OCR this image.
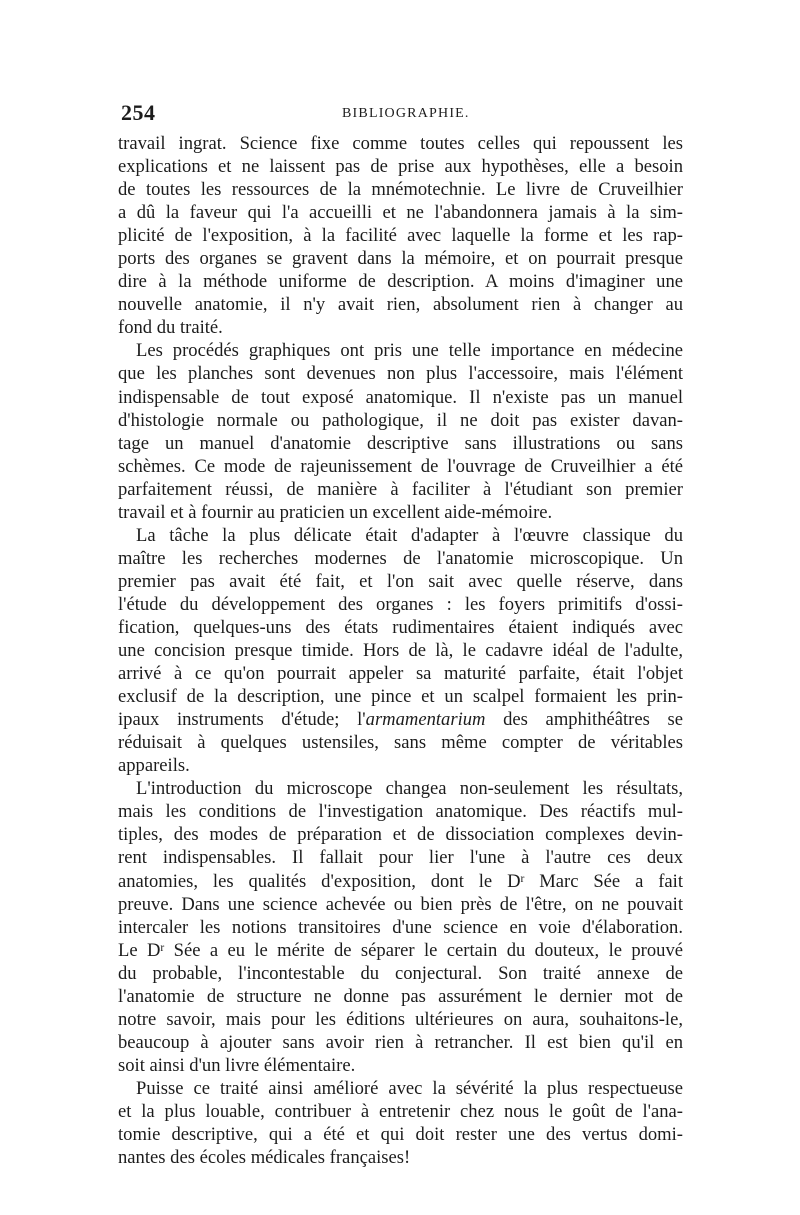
254	BIBLIOGRAPHIE.
travail ingrat. Science fixe comme toutes celles qui repoussent les
explications et ne laissent pas de prise aux hypothèses, elle a besoin
de toutes les ressources de la mnémotechnie. Le livre de Cruveilhier
a dû la faveur qui l'a accueilli et ne l'abandonnera jamais à la sim-
plicité de l'exposition, à la facilité avec laquelle la forme et les rap-
ports des organes se gravent dans la mémoire, et on pourrait presque
dire à la méthode uniforme de description. A moins d'imaginer une
nouvelle anatomie, il n'y avait rien, absolument rien à changer au
fond du traité.
Les procédés graphiques ont pris une telle importance en médecine
que les planches sont devenues non plus l'accessoire, mais l'élément
indispensable de tout exposé anatomique. Il n'existe pas un manuel
d'histologie normale ou pathologique, il ne doit pas exister davan-
tage un manuel d'anatomie descriptive sans illustrations ou sans
schèmes. Ce mode de rajeunissement de l'ouvrage de Cruveilhier a été
parfaitement réussi, de manière à faciliter à l'étudiant son premier
travail et à fournir au praticien un excellent aide-mémoire.
La tâche la plus délicate était d'adapter à l'œuvre classique du
maître les recherches modernes de l'anatomie microscopique. Un
premier pas avait été fait, et l'on sait avec quelle réserve, dans
l'étude du développement des organes : les foyers primitifs d'ossi-
fication, quelques-uns des états rudimentaires étaient indiqués avec
une concision presque timide. Hors de là, le cadavre idéal de l'adulte,
arrivé à ce qu'on pourrait appeler sa maturité parfaite, était l'objet
exclusif de la description, une pince et un scalpel formaient les prin-
ipaux instruments d'étude; l'armamentarium des amphithéâtres se
réduisait à quelques ustensiles, sans même compter de véritables
appareils.
L'introduction du microscope changea non-seulement les résultats,
mais les conditions de l'investigation anatomique. Des réactifs mul-
tiples, des modes de préparation et de dissociation complexes devin-
rent indispensables. Il fallait pour lier l'une à l'autre ces deux
anatomies, les qualités d'exposition, dont le $D^r$ Marc Sée a fait
preuve. Dans une science achevée ou bien près de l'être, on ne pouvait
intercaler les notions transitoires d'une science en voie d'élaboration.
Le $D^r$ Sée a eu le mérite de séparer le certain du douteux, le prouvé
du probable, l'incontestable du conjectural. Son traité annexe de
l'anatomie de structure ne donne pas assurément le dernier mot de
notre savoir, mais pour les éditions ultérieures on aura, souhaitons-le,
beaucoup à ajouter sans avoir rien à retrancher. Il est bien qu'il en
soit ainsi d'un livre élémentaire.
Puisse ce traité ainsi amélioré avec la sévérité la plus respectueuse
et la plus louable, contribuer à entretenir chez nous le goût de l'ana-
tomie descriptive, qui a été et qui doit rester une des vertus domi-
nantes des écoles médicales françaises!
